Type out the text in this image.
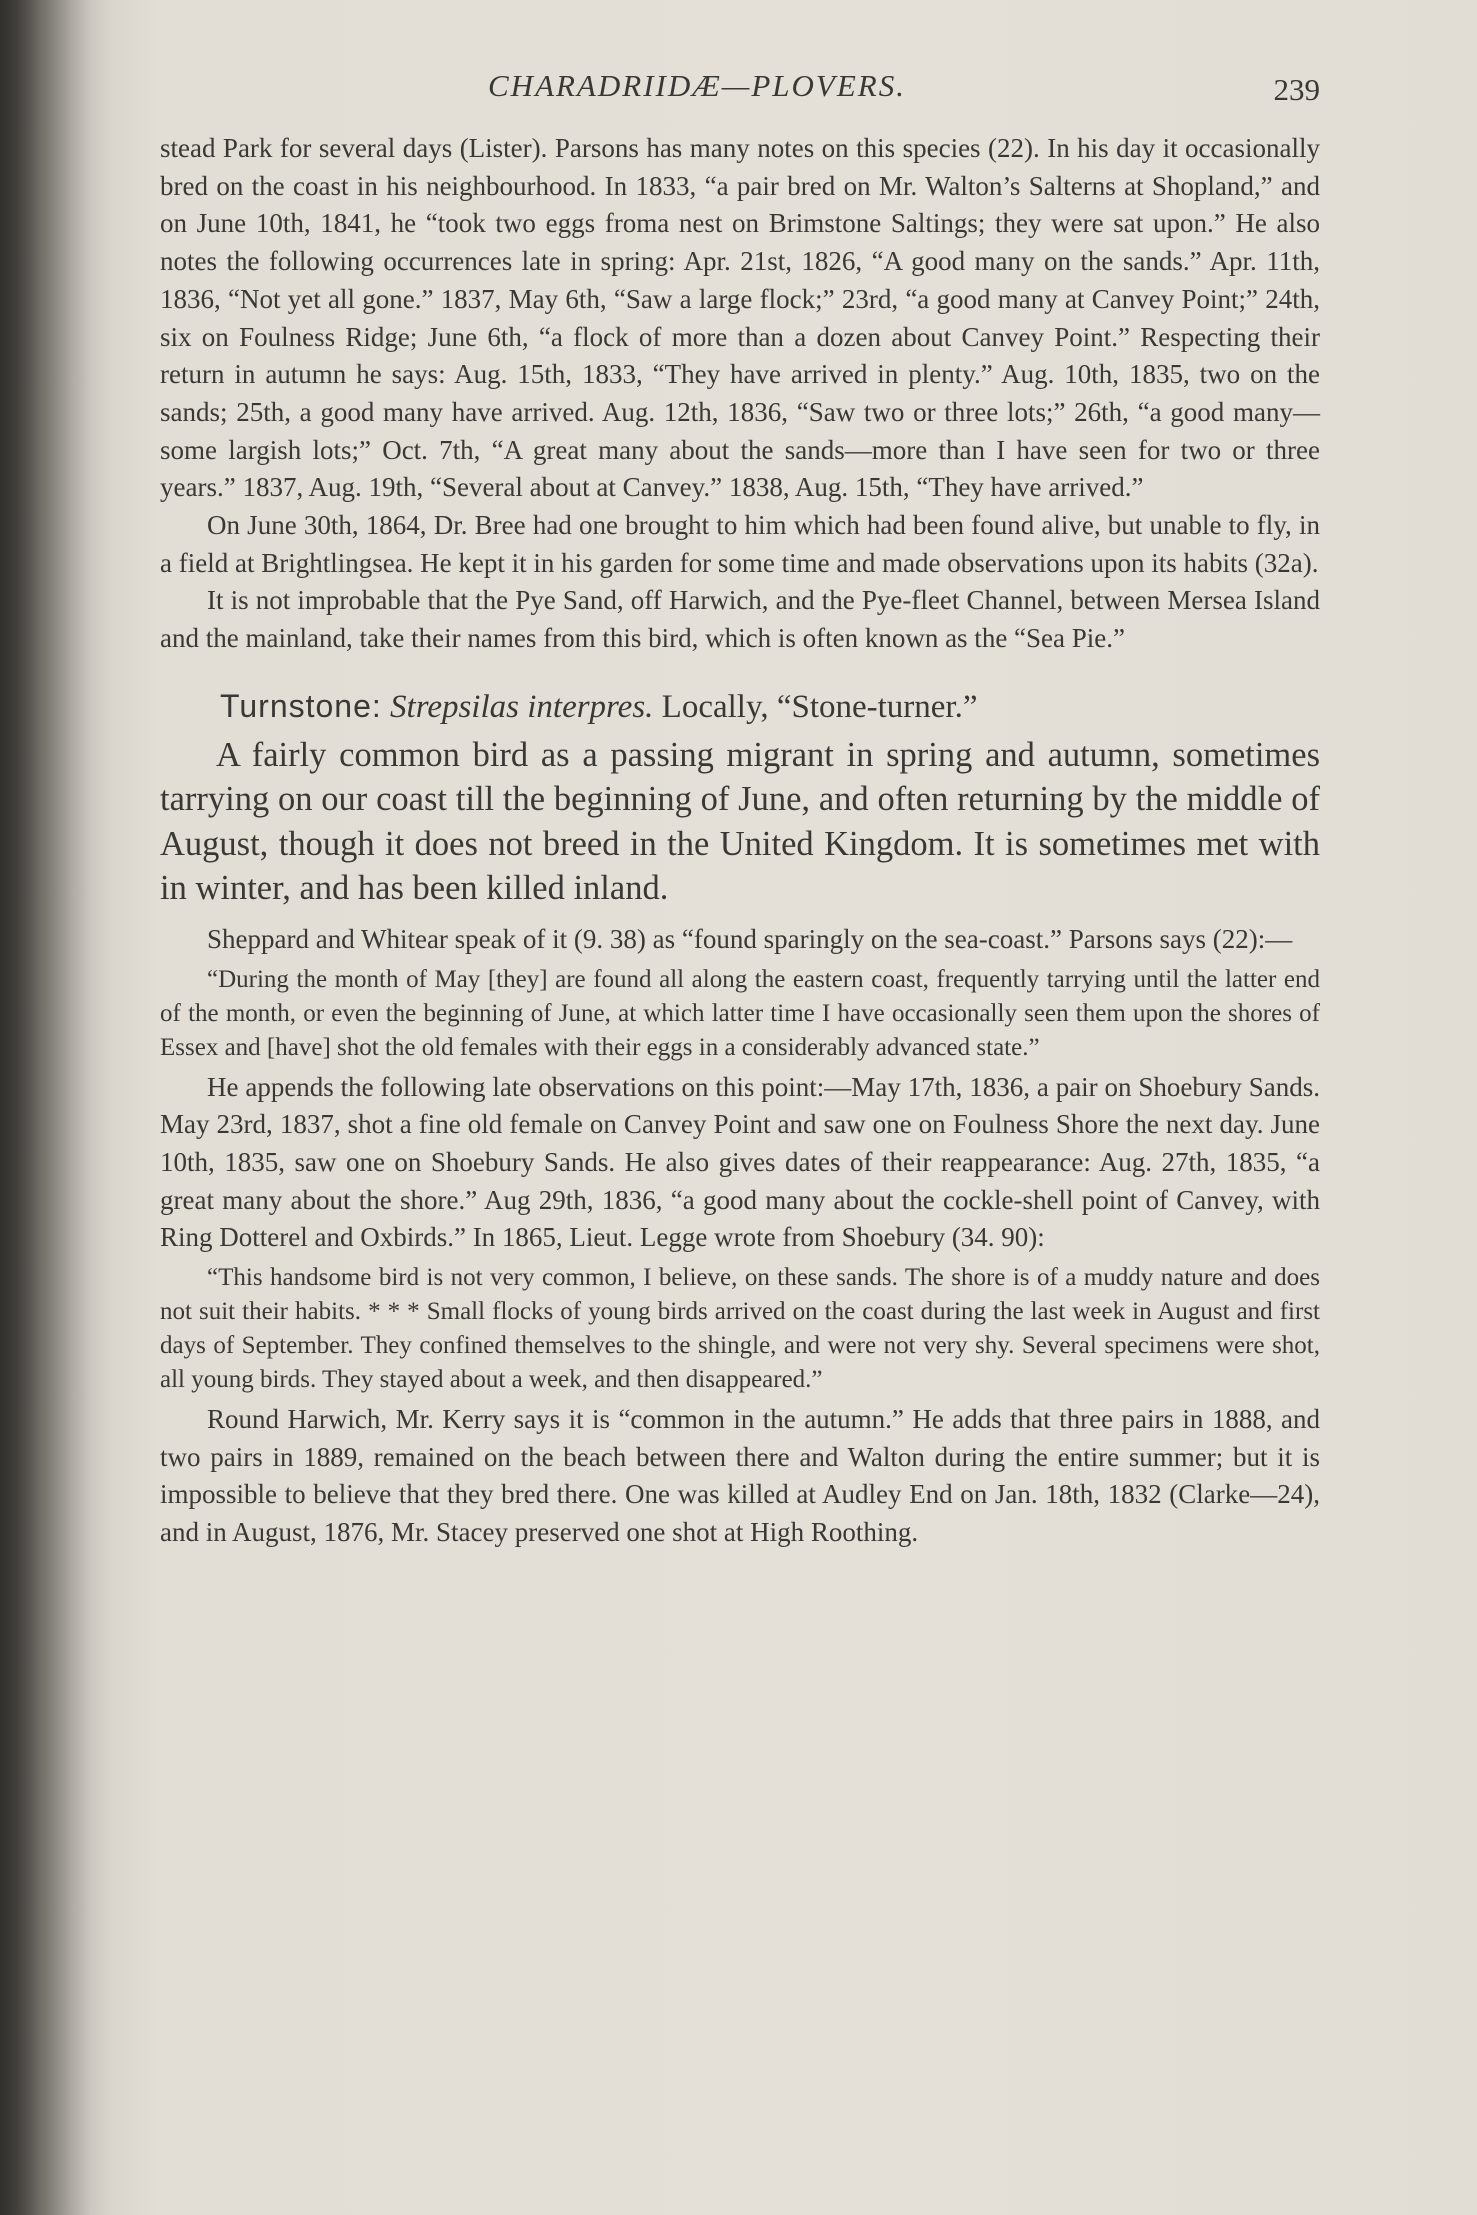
CHARADRIIDÆ—PLOVERS.	239

stead Park for several days (Lister). Parsons has many notes on this species (22). In his day it occasionally bred on the coast in his neighbourhood. In 1833, “a pair bred on Mr. Walton’s Salterns at Shopland,” and on June 10th, 1841, he “took two eggs froma nest on Brimstone Saltings; they were sat upon.” He also notes the following occurrences late in spring: Apr. 21st, 1826, “A good many on the sands.” Apr. 11th, 1836, “Not yet all gone.” 1837, May 6th, “Saw a large flock;” 23rd, “a good many at Canvey Point;” 24th, six on Foulness Ridge; June 6th, “a flock of more than a dozen about Canvey Point.” Respecting their return in autumn he says: Aug. 15th, 1833, “They have arrived in plenty.” Aug. 10th, 1835, two on the sands; 25th, a good many have arrived. Aug. 12th, 1836, “Saw two or three lots;” 26th, “a good many—some largish lots;” Oct. 7th, “A great many about the sands—more than I have seen for two or three years.” 1837, Aug. 19th, “Several about at Canvey.” 1838, Aug. 15th, “They have arrived.”

On June 30th, 1864, Dr. Bree had one brought to him which had been found alive, but unable to fly, in a field at Brightlingsea. He kept it in his garden for some time and made observations upon its habits (32a).

It is not improbable that the Pye Sand, off Harwich, and the Pye-fleet Channel, between Mersea Island and the mainland, take their names from this bird, which is often known as the “Sea Pie.”

Turnstone: Strepsilas interpres. Locally, “Stone-turner.”

A fairly common bird as a passing migrant in spring and autumn, sometimes tarrying on our coast till the beginning of June, and often returning by the middle of August, though it does not breed in the United Kingdom. It is sometimes met with in winter, and has been killed inland.

Sheppard and Whitear speak of it (9. 38) as “found sparingly on the sea-coast.” Parsons says (22):—

“During the month of May [they] are found all along the eastern coast, frequently tarrying until the latter end of the month, or even the beginning of June, at which latter time I have occasionally seen them upon the shores of Essex and [have] shot the old females with their eggs in a considerably advanced state.”

He appends the following late observations on this point:—May 17th, 1836, a pair on Shoebury Sands. May 23rd, 1837, shot a fine old female on Canvey Point and saw one on Foulness Shore the next day. June 10th, 1835, saw one on Shoebury Sands. He also gives dates of their reappearance: Aug. 27th, 1835, “a great many about the shore.” Aug 29th, 1836, “a good many about the cockle-shell point of Canvey, with Ring Dotterel and Oxbirds.” In 1865, Lieut. Legge wrote from Shoebury (34. 90):

“This handsome bird is not very common, I believe, on these sands. The shore is of a muddy nature and does not suit their habits. * * * Small flocks of young birds arrived on the coast during the last week in August and first days of September. They confined themselves to the shingle, and were not very shy. Several specimens were shot, all young birds. They stayed about a week, and then disappeared.”

Round Harwich, Mr. Kerry says it is “common in the autumn.” He adds that three pairs in 1888, and two pairs in 1889, remained on the beach between there and Walton during the entire summer; but it is impossible to believe that they bred there. One was killed at Audley End on Jan. 18th, 1832 (Clarke—24), and in August, 1876, Mr. Stacey preserved one shot at High Roothing.
